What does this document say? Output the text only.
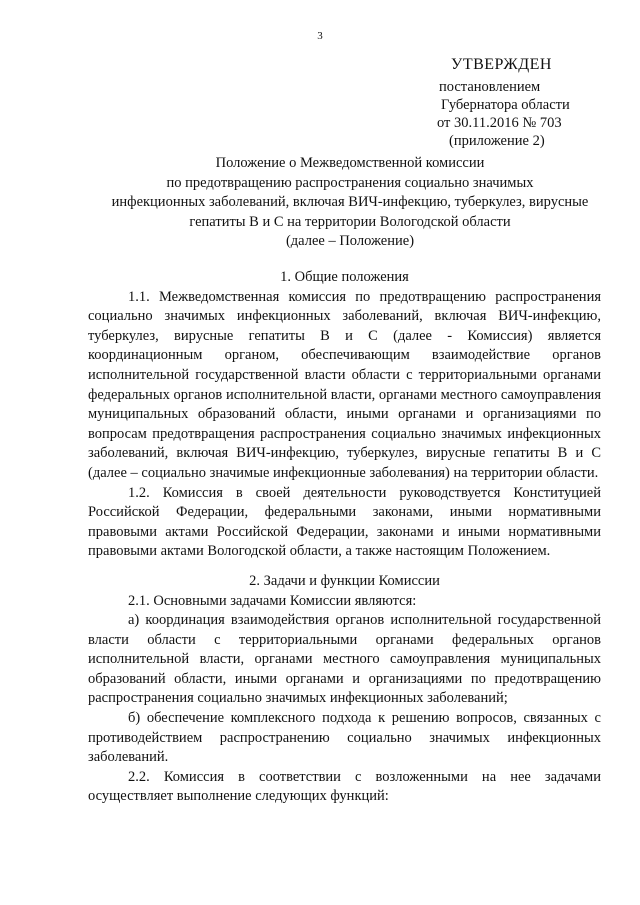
3
УТВЕРЖДЕН
постановлением
Губернатора области
от 30.11.2016 № 703
(приложение 2)
Положение о Межведомственной комиссии
по предотвращению распространения социально значимых
инфекционных заболеваний, включая ВИЧ-инфекцию, туберкулез, вирусные
гепатиты В и С на территории Вологодской области
(далее – Положение)
1. Общие положения

1.1. Межведомственная комиссия по предотвращению распространения социально значимых инфекционных заболеваний, включая ВИЧ-инфекцию, туберкулез, вирусные гепатиты В и С (далее - Комиссия) является координационным органом, обеспечивающим взаимодействие органов исполнительной государственной власти области с территориальными органами федеральных органов исполнительной власти, органами местного самоуправления муниципальных образований области, иными органами и организациями по вопросам предотвращения распространения социально значимых инфекционных заболеваний, включая ВИЧ-инфекцию, туберкулез, вирусные гепатиты В и С (далее – социально значимые инфекционные заболевания) на территории области.

1.2. Комиссия в своей деятельности руководствуется Конституцией Российской Федерации, федеральными законами, иными нормативными правовыми актами Российской Федерации, законами и иными нормативными правовыми актами Вологодской области, а также настоящим Положением.

2. Задачи и функции Комиссии

2.1. Основными задачами Комиссии являются:

а) координация взаимодействия органов исполнительной государственной власти области с территориальными органами федеральных органов исполнительной власти, органами местного самоуправления муниципальных образований области, иными органами и организациями по предотвращению распространения социально значимых инфекционных заболеваний;

б) обеспечение комплексного подхода к решению вопросов, связанных с противодействием распространению социально значимых инфекционных заболеваний.

2.2. Комиссия в соответствии с возложенными на нее задачами осуществляет выполнение следующих функций:
